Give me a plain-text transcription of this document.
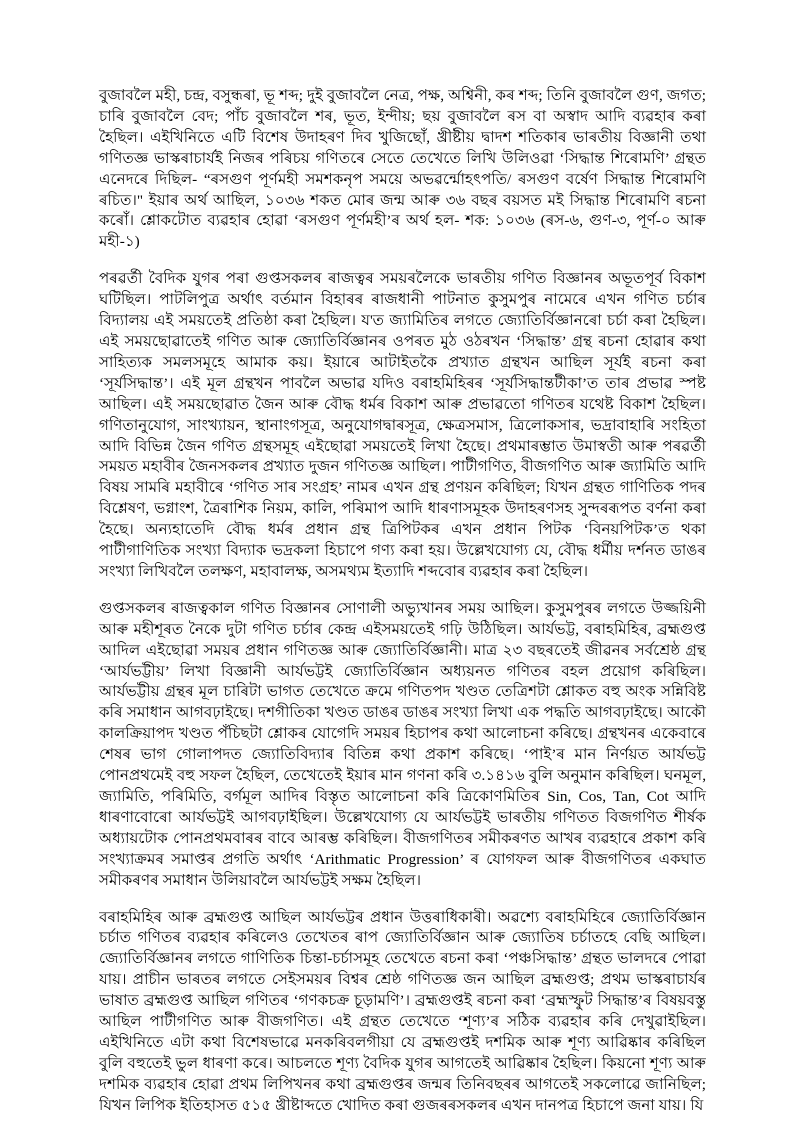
বুজাবলৈ মহী, চন্দ্ৰ, বসুন্ধৰা, ভূ শব্দ; দুই বুজাবলৈ নেত্ৰ, পক্ষ, অশ্বিনী, কৰ শব্দ; তিনি বুজাবলৈ গুণ, জগত; চাৰি বুজাবলৈ বেদ; পাঁচ বুজাবলৈ শৰ, ভূত, ইন্দীয়; ছয় বুজাবলৈ ৰস বা অস্বাদ আদি ব্যৱহাৰ কৰা হৈছিল। এইখিনিতে এটি বিশেষ উদাহৰণ দিব খুজিছোঁ, খ্ৰীষ্টীয় দ্বাদশ শতিকাৰ ভাৰতীয় বিজ্ঞানী তথা গণিতজ্ঞ ভাস্কৰাচাৰ্যই নিজৰ পৰিচয় গণিতৰে সেতে তেখেতে লিখি উলিওৱা ‘সিদ্ধান্ত শিৰোমণি’ গ্ৰন্থত এনেদৰে দিছিল- “ৰসগুণ পূৰ্ণমহী সমশকনৃপ সময়ে অভৱৰ্ন্মোহৎপতি/ ৰসগুণ বৰ্ষেণ সিদ্ধান্ত শিৰোমণি ৰচিত।" ইয়াৰ অৰ্থ আছিল, ১০৩৬ শকত মোৰ জন্ম আৰু ৩৬ বছৰ বয়সত মই সিদ্ধান্ত শিৰোমণি ৰচনা কৰোঁ। শ্লোকটোত ব্যৱহাৰ হোৱা ‘ৰসগুণ পূৰ্ণমহী’ৰ অৰ্থ হল- শক: ১০৩৬ (ৰস-৬, গুণ-৩, পূৰ্ণ-০ আৰু মহী-১)

পৰৱৰ্তী বৈদিক যুগৰ পৰা গুপ্তসকলৰ ৰাজত্বৰ সময়ৰলৈকে ভাৰতীয় গণিত বিজ্ঞানৰ অভূতপূৰ্ব বিকাশ ঘটিছিল। পাটলিপুত্ৰ অৰ্থাৎ বৰ্তমান বিহাৰৰ ৰাজধানী পাটনাত কুসুমপুৰ নামেৰে এখন গণিত চৰ্চাৰ বিদ্যালয় এই সময়তেই প্ৰতিষ্ঠা কৰা হৈছিল। য'ত জ্যামিতিৰ লগতে জ্যোতিৰ্বিজ্ঞানৰো চৰ্চা কৰা হৈছিল। এই সময়ছোৱাতেই গণিত আৰু জ্যোতিৰ্বিজ্ঞানৰ ওপৰত মুঠ ওঠৰখন ‘সিদ্ধান্ত’ গ্ৰন্থ ৰচনা হোৱাৰ কথা সাহিত্যক সমলসমূহে আমাক কয়। ইয়াৰে আটাইতকৈ প্ৰখ্যাত গ্ৰন্থখন আছিল সূৰ্যই ৰচনা কৰা ‘সূৰ্যসিদ্ধান্ত’। এই মূল গ্ৰন্থখন পাবলৈ অভাৱ যদিও বৰাহমিহিৰৰ ‘সূৰ্যসিদ্ধান্তটীকা’ত তাৰ প্ৰভাৱ স্পষ্ট আছিল। এই সময়ছোৱাত জৈন আৰু বৌদ্ধ ধৰ্মৰ বিকাশ আৰু প্ৰভাৱতো গণিতৰ যথেষ্ট বিকাশ হৈছিল। গণিতানুযোগ, সাংখ্যায়ন, স্থানাংগসূত্ৰ, অনুযোগদ্বাৰসূত্ৰ, ক্ষেত্ৰসমাস, ত্ৰিলোকসাৰ, ভদ্ৰাবাহাৰি সংহিতা আদি বিভিন্ন জৈন গণিত গ্ৰন্থসমূহ এইছোৱা সময়তেই লিখা হৈছে। প্ৰথমাৰম্ভাত উমাস্বতী আৰু পৰৱৰ্তী সময়ত মহাবীৰ জৈনসকলৰ প্ৰখ্যাত দুজন গণিতজ্ঞ আছিল। পাটীগণিত, বীজগণিত আৰু জ্যামিতি আদি বিষয় সামৰি মহাবীৰে ‘গণিত সাৰ সংগ্ৰহ’ নামৰ এখন গ্ৰন্থ প্ৰণয়ন কৰিছিল; যিখন গ্ৰন্থত গাণিতিক পদৰ বিশ্লেষণ, ভগ্নাংশ, ত্ৰৈৰাশিক নিয়ম, কালি, পৰিমাপ আদি ধাৰণাসমূহক উদাহৰণসহ সুন্দৰৰূপত বৰ্ণনা কৰা হৈছে। অন্যহাতেদি বৌদ্ধ ধৰ্মৰ প্ৰধান গ্ৰন্থ ত্ৰিপিটকৰ এখন প্ৰধান পিটক ‘বিনয়পিটক’ত থকা পাটীগাণিতিক সংখ্যা বিদ্যাক ভদ্ৰকলা হিচাপে গণ্য কৰা হয়। উল্লেখযোগ্য যে, বৌদ্ধ ধৰ্মীয় দৰ্শনত ডাঙৰ সংখ্যা লিখিবলৈ তলক্ষণ, মহাবালক্ষ, অসমথ্যম ইত্যাদি শব্দবোৰ ব্যৱহাৰ কৰা হৈছিল।

গুপ্তসকলৰ ৰাজত্বকাল গণিত বিজ্ঞানৰ সোণালী অভ্যুখানৰ সময় আছিল। কুসুমপুৰৰ লগতে উজ্জয়িনী আৰু মহীশূৰত নৈকে দুটা গণিত চৰ্চাৰ কেন্দ্ৰ এইসময়তেই গঢ়ি উঠিছিল। আৰ্যভট্ট, বৰাহমিহিৰ, ব্ৰহ্মগুপ্ত আদিল এইছোৱা সময়ৰ প্ৰধান গণিতজ্ঞ আৰু জ্যোতিৰ্বিজ্ঞানী। মাত্ৰ ২৩ বছৰতেই জীৱনৰ সৰ্বশ্ৰেষ্ঠ গ্ৰন্থ ‘আৰ্যভট্টীয়’ লিখা বিজ্ঞানী আৰ্যভট্টই জ্যোতিৰ্বিজ্ঞান অধ্যয়নত গণিতৰ বহল প্ৰয়োগ কৰিছিল। আৰ্যভট্টীয় গ্ৰন্থৰ মূল চাৰিটা ভাগত তেখেতে ক্ৰমে গণিতপদ খণ্ডত তেত্ৰিশটা শ্লোকত বহু অংক সন্নিবিষ্ট কৰি সমাধান আগবঢ়াইছে। দশগীতিকা খণ্ডত ডাঙৰ ডাঙৰ সংখ্যা লিখা এক পদ্ধতি আগবঢ়াইছে। আকৌ কালক্ৰিয়াপদ খণ্ডত পঁচিছটা শ্লোকৰ যোগেদি সময়ৰ হিচাপৰ কথা আলোচনা কৰিছে। গ্ৰন্থখনৰ একেবাৰে শেষৰ ভাগ গোলাপদত জ্যোতিবিদ্যাৰ বিতিন্ন কথা প্ৰকাশ কৰিছে। ‘পাই’ৰ মান নিৰ্ণয়ত আৰ্যভট্ট পোনপ্ৰথমেই বহু সফল হৈছিল, তেখেতেই ইয়াৰ মান গণনা কৰি ৩.১৪১৬ বুলি অনুমান কৰিছিল। ঘনমূল, জ্যামিতি, পৰিমিতি, বৰ্গমূল আদিৰ বিস্তৃত আলোচনা কৰি ত্ৰিকোণমিতিৰ Sin, Cos, Tan, Cot আদি ধাৰণাবোৰো আৰ্যভট্টই আগবঢ়াইছিল। উল্লেখযোগ্য যে আৰ্যভট্টই ভাৰতীয় গণিতত বিজগণিত শীৰ্ষক অধ্যায়টোক পোনপ্ৰথমবাৰৰ বাবে আৰম্ভ কৰিছিল। বীজগণিতৰ সমীকৰণত আখৰ ব্যৱহাৰে প্ৰকাশ কৰি সংখ্যাক্ৰমৰ সমাপ্তৰ প্ৰগতি অৰ্থাৎ ‘Arithmatic Progression’ ৰ যোগফল আৰু বীজগণিতৰ একঘাত সমীকৰণৰ সমাধান উলিয়াবলৈ আৰ্যভট্টই সক্ষম হৈছিল।

বৰাহমিহিৰ আৰু ব্ৰহ্মগুপ্ত আছিল আৰ্যভট্টৰ প্ৰধান উত্তৰাধিকাৰী। অৱশ্যে বৰাহমিহিৰে জ্যোতিৰ্বিজ্ঞান চৰ্চাত গণিতৰ ব্যৱহাৰ কৰিলেও তেখেতৰ ৰাপ জ্যোতিৰ্বিজ্ঞান আৰু জ্যোতিষ চৰ্চাতহে বেছি আছিল। জ্যোতিৰ্বিজ্ঞানৰ লগতে গাণিতিক চিন্তা-চৰ্চাসমূহ তেখেতে ৰচনা কৰা ‘পঞ্চসিদ্ধান্ত’ গ্ৰন্থত ভালদৰে পোৱা যায়। প্ৰাচীন ভাৰতৰ লগতে সেইসময়ৰ বিশ্বৰ শ্ৰেষ্ঠ গণিতজ্ঞ জন আছিল ব্ৰহ্মগুপ্ত; প্ৰথম ভাস্কৰাচাৰ্যৰ ভাষাত ব্ৰহ্মগুপ্ত আছিল গণিতৰ ‘গণকচক্ৰ চূড়ামণি’। ব্ৰহ্মগুপ্তই ৰচনা কৰা ‘ব্ৰহ্মস্ফুট সিদ্ধান্ত’ৰ বিষয়বস্তু আছিল পাটীগণিত আৰু বীজগণিত। এই গ্ৰন্থত তেখেতে ‘শূণ্য’ৰ সঠিক ব্যৱহাৰ কৰি দেখুৱাইছিল। এইখিনিতে এটা কথা বিশেষভাৱে মনকৰিবলগীয়া যে ব্ৰহ্মগুপ্তই দশমিক আৰু শূণ্য আৱিষ্কাৰ কৰিছিল বুলি বহুতেই ভুল ধাৰণা কৰে। আচলতে শূণ্য বৈদিক যুগৰ আগতেই আৱিষ্কাৰ হৈছিল। কিয়নো শূণ্য আৰু দশমিক ব্যৱহাৰ হোৱা প্ৰথম লিপিখনৰ কথা ব্ৰহ্মগুপ্তৰ জন্মৰ তিনিবছৰৰ আগতেই সকলোৱে জানিছিল; যিখন লিপিক ইতিহাসত ৫১৫ খ্ৰীষ্টাব্দতে খোদিত কৰা গুজৰৰসকলৰ এখন দানপত্ৰ হিচাপে জনা যায়। যি
